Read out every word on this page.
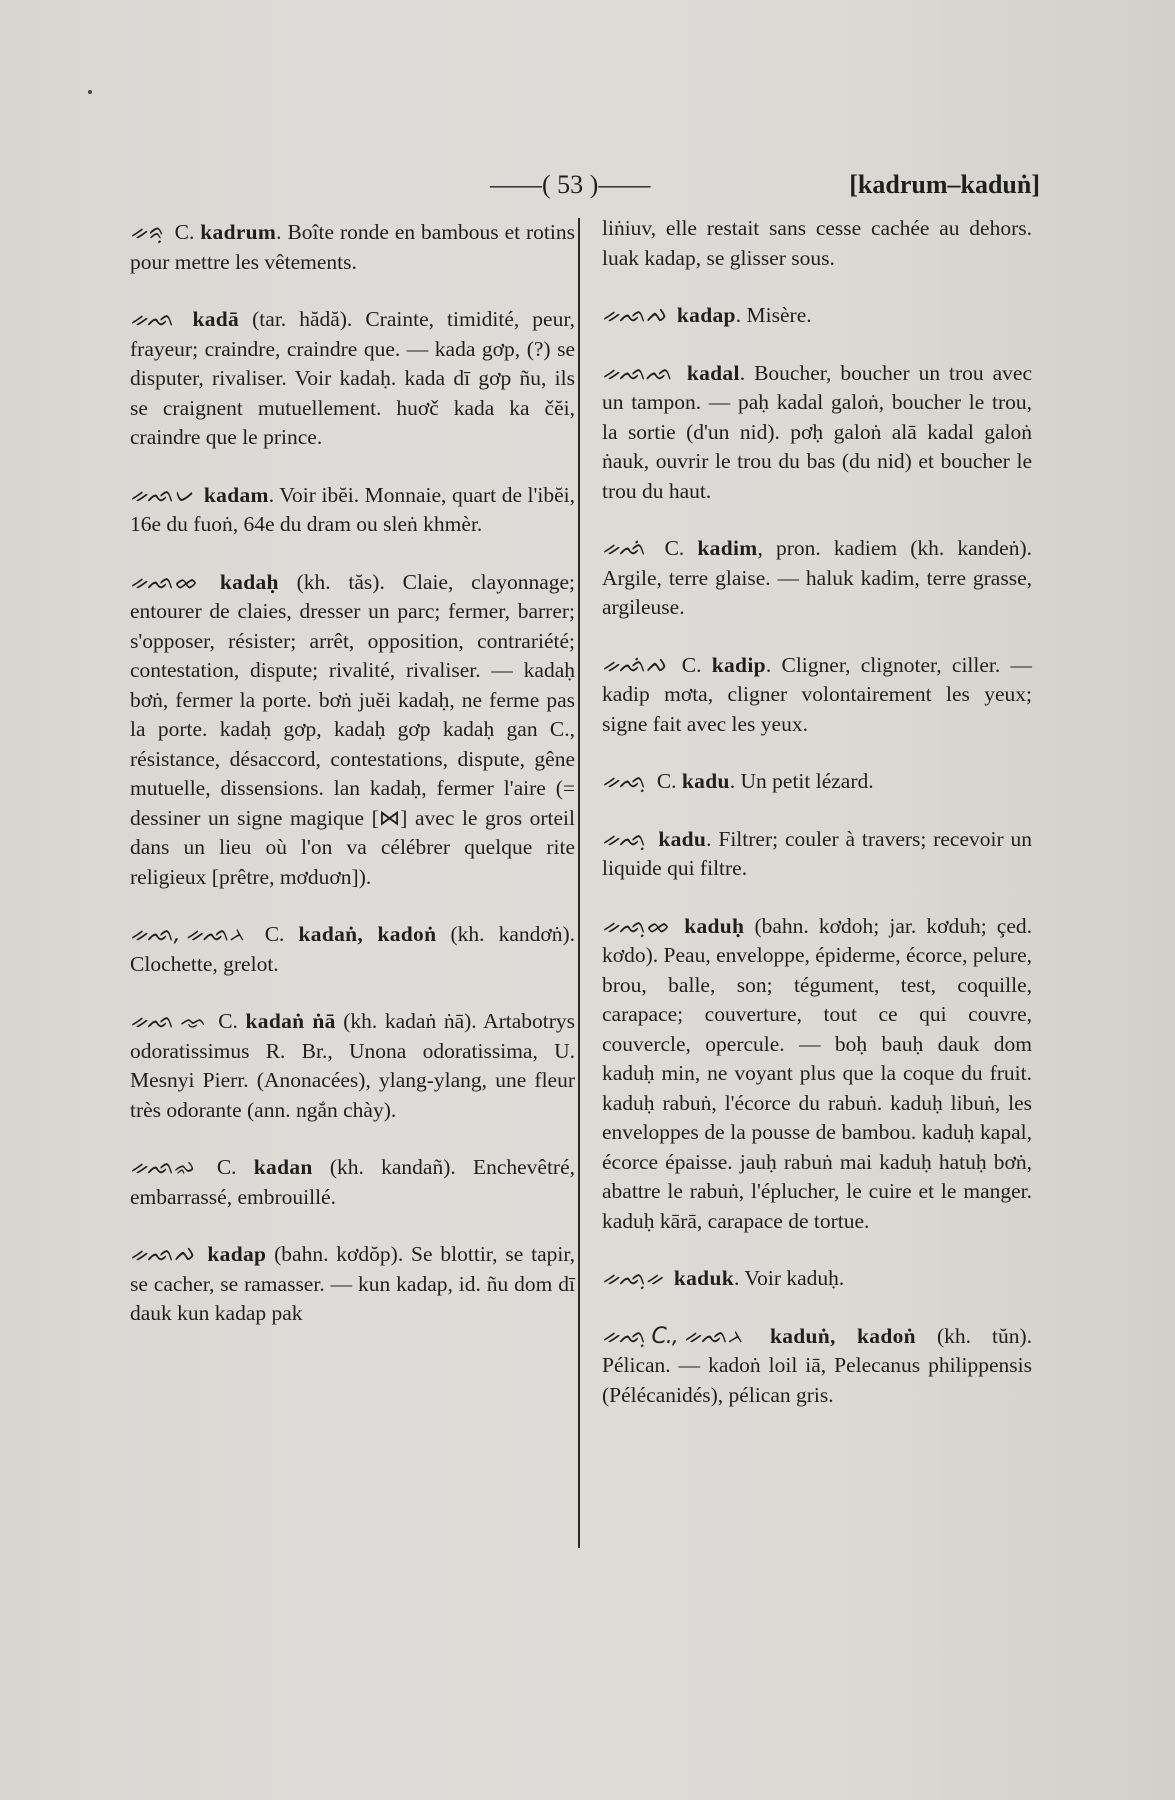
——( 53 )——	[kadrum–kaduṅ]

ᨀᨑᨘ C. kadrum. Boîte ronde en bambous et rotins pour mettre les vêtements.

ᨀᨒ kadā (tar. hădă). Crainte, timidité, peur, frayeur; craindre, craindre que. — kada gơp, (?) se disputer, rivaliser. Voir kadaḥ. kada dī gơp ñu, ils se craignent mutuellement. huơč kada ka čĕi, craindre que le prince.

ᨀᨒᨆ kadam. Voir ibĕi. Monnaie, quart de l'ibĕi, 16e du fuoṅ, 64e du dram ou sleṅ khmèr.

ᨀᨒᨖ kadaḥ (kh. tăs). Claie, clayonnage; entourer de claies, dresser un parc; fermer, barrer; s'opposer, résister; arrêt, opposition, contrariété; contestation, dispute; rivalité, rivaliser. — kadaḥ bơṅ, fermer la porte. bơṅ juĕi kadaḥ, ne ferme pas la porte. kadaḥ gơp, kadaḥ gơp kadaḥ gan C., résistance, désaccord, contestations, dispute, gêne mutuelle, dissensions. lan kadaḥ, fermer l'aire (= dessiner un signe magique [⋈] avec le gros orteil dans un lieu où l'on va célébrer quelque rite religieux [prêtre, mơduơn]).

ᨀᨒ, ᨀᨒᨂ C. kadaṅ, kadoṅ (kh. kandơṅ). Clochette, grelot.

ᨀᨒ ᨎ C. kadaṅ ṅā (kh. kadaṅ ṅā). Artabotrys odoratissimus R. Br., Unona odoratissima, U. Mesnyi Pierr. (Anonacées), ylang-ylang, une fleur très odorante (ann. ngắn chày).

ᨀᨒᨋ C. kadan (kh. kandañ). Enchevêtré, embarrassé, embrouillé.

ᨀᨒᨄ kadap (bahn. kơdŏp). Se blottir, se tapir, se cacher, se ramasser. — kun kadap, id. ñu dom dī dauk kun kadap pak

liṅiuv, elle restait sans cesse cachée au dehors. luak kadap, se glisser sous.

ᨀᨒᨄ kadap. Misère.

ᨀᨒᨒ kadal. Boucher, boucher un trou avec un tampon. — paḥ kadal galoṅ, boucher le trou, la sortie (d'un nid). pơḥ galoṅ alā kadal galoṅ ṅauk, ouvrir le trou du bas (du nid) et boucher le trou du haut.

ᨀᨒᨗ C. kadim, pron. kadiem (kh. kandeṅ). Argile, terre glaise. — haluk kadim, terre grasse, argileuse.

ᨀᨒᨗᨄ C. kadip. Cligner, clignoter, ciller. — kadip mơta, cligner volontairement les yeux; signe fait avec les yeux.

ᨀᨒᨘ C. kadu. Un petit lézard.

ᨀᨒᨘ kadu. Filtrer; couler à travers; recevoir un liquide qui filtre.

ᨀᨒᨘᨖ kaduḥ (bahn. kơdoh; jar. kơduh; çed. kơdo). Peau, enveloppe, épiderme, écorce, pelure, brou, balle, son; tégument, test, coquille, carapace; couverture, tout ce qui couvre, couvercle, opercule. — boḥ bauḥ dauk dom kaduḥ min, ne voyant plus que la coque du fruit. kaduḥ rabuṅ, l'écorce du rabuṅ. kaduḥ libuṅ, les enveloppes de la pousse de bambou. kaduḥ kapal, écorce épaisse. jauḥ rabuṅ mai kaduḥ hatuḥ bơṅ, abattre le rabuṅ, l'éplucher, le cuire et le manger. kaduḥ kārā, carapace de tortue.

ᨀᨒᨘᨀ kaduk. Voir kaduḥ.

ᨀᨒᨘ C., ᨀᨒᨂ kaduṅ, kadoṅ (kh. tŭn). Pélican. — kadoṅ loil iā, Pelecanus philippensis (Pélécanidés), pélican gris.
